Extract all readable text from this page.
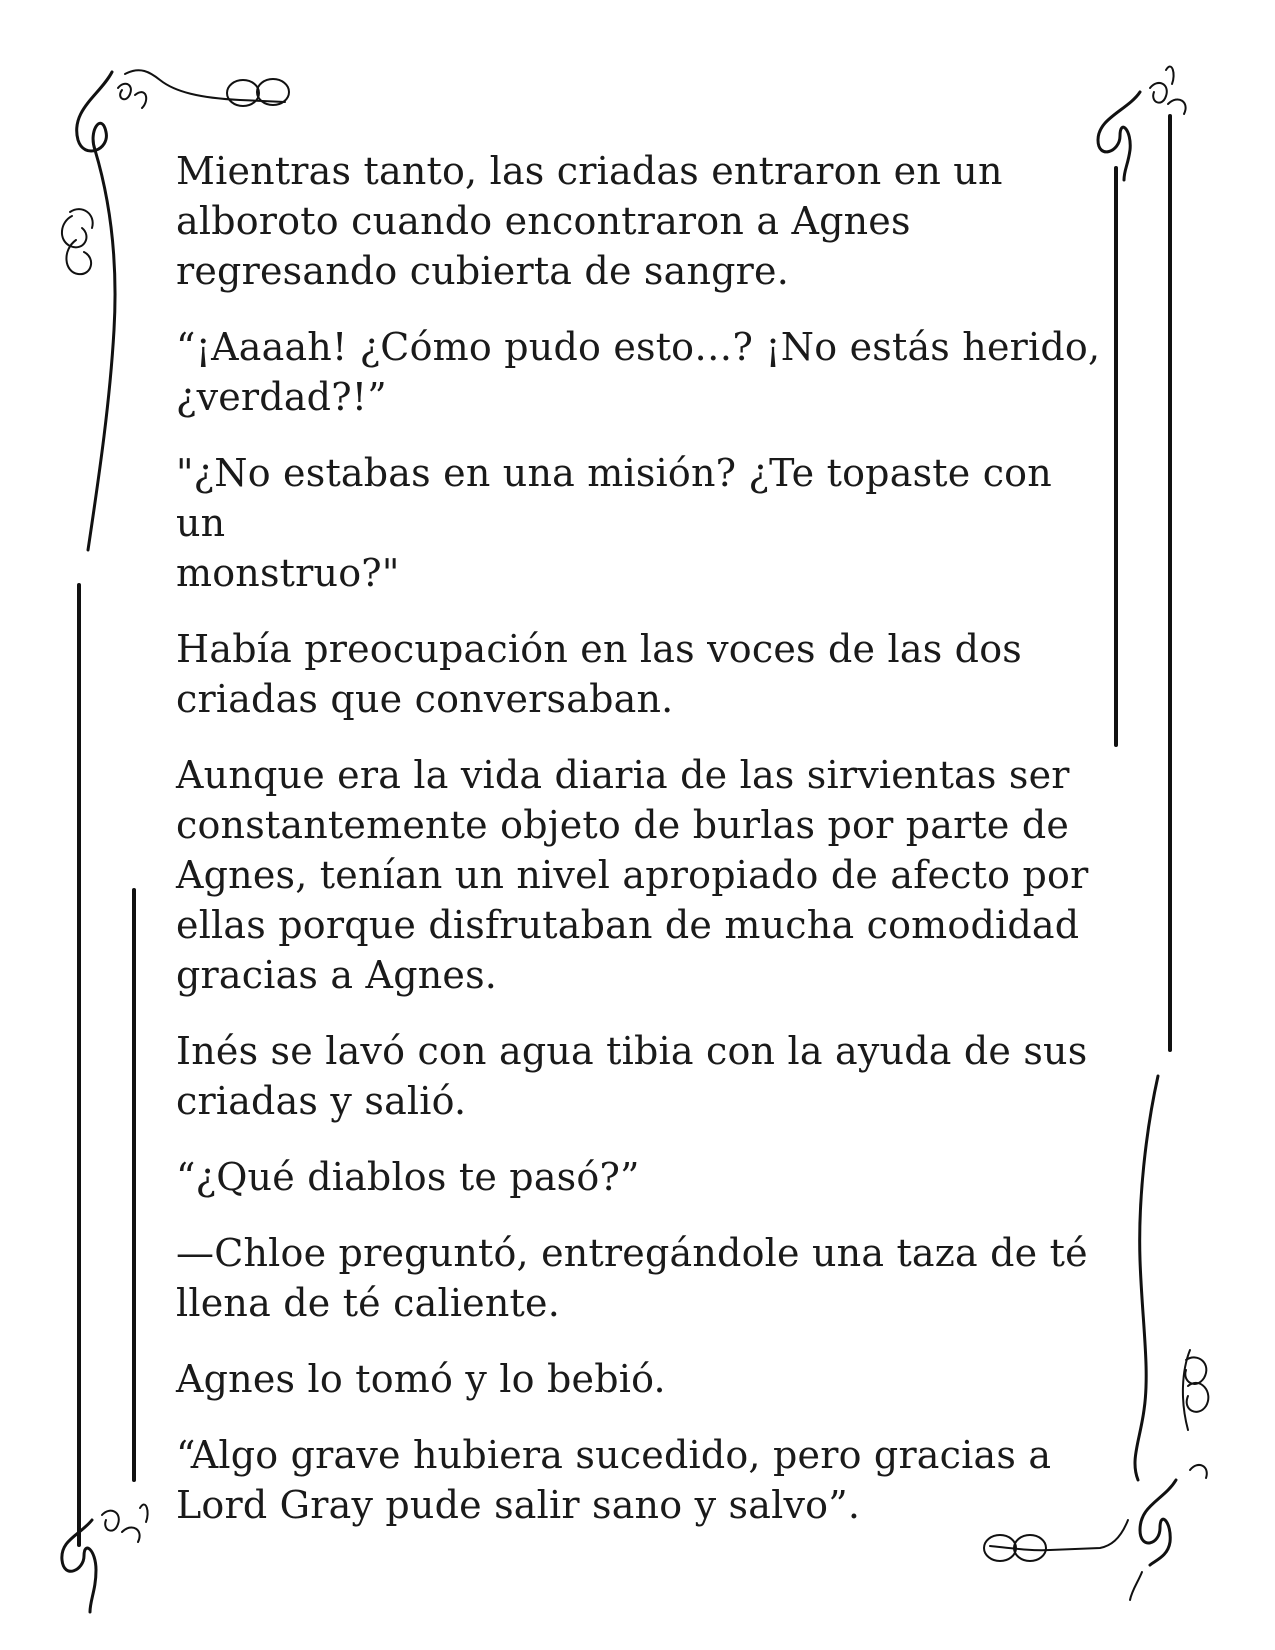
Mientras tanto, las criadas entraron en un
alboroto cuando encontraron a Agnes
regresando cubierta de sangre.

“¡Aaaah! ¿Cómo pudo esto…? ¡No estás herido,
¿verdad?!”

"¿No estabas en una misión? ¿Te topaste con un
monstruo?"

Había preocupación en las voces de las dos
criadas que conversaban.

Aunque era la vida diaria de las sirvientas ser
constantemente objeto de burlas por parte de
Agnes, tenían un nivel apropiado de afecto por
ellas porque disfrutaban de mucha comodidad
gracias a Agnes.

Inés se lavó con agua tibia con la ayuda de sus
criadas y salió.

“¿Qué diablos te pasó?”

—Chloe preguntó, entregándole una taza de té
llena de té caliente.

Agnes lo tomó y lo bebió.

“Algo grave hubiera sucedido, pero gracias a
Lord Gray pude salir sano y salvo”.
